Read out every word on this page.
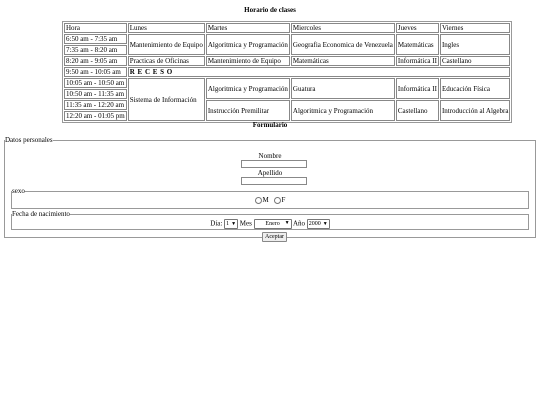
Horario de clases
Hora	Lunes	Martes	Miercoles	Jueves	Viernes
6:50 am - 7:35 am	Mantenimiento de Equipo	Algoritmica y Programación	Geografia Economica de Venezuela	Matemáticas	Ingles
7:35 am - 8:20 am					
8:20 am - 9:05 am	Practicas de Oficinas	Mantenimiento de Equipo	Matemáticas	Informática II	Castellano
9:50 am - 10:05 am	R E C E S O				
10:05 am - 10:50 am	Sistema de Información	Algoritmica y Programación	Guatura	Informática II	Educación Física
10:50 am - 11:35 am					
11:35 am - 12:20 am		Instrucción Premilitar	Algoritmica y Programación	Castellano	Introducción al Algebra
12:20 am - 01:05 pm					
Formulario
Datos personales
Nombre
Apellido
sexo
M F
Fecha de nacimiento
Día: 1 ▼ Mes Enero ▼ Año 2000 ▼
Aceptar
